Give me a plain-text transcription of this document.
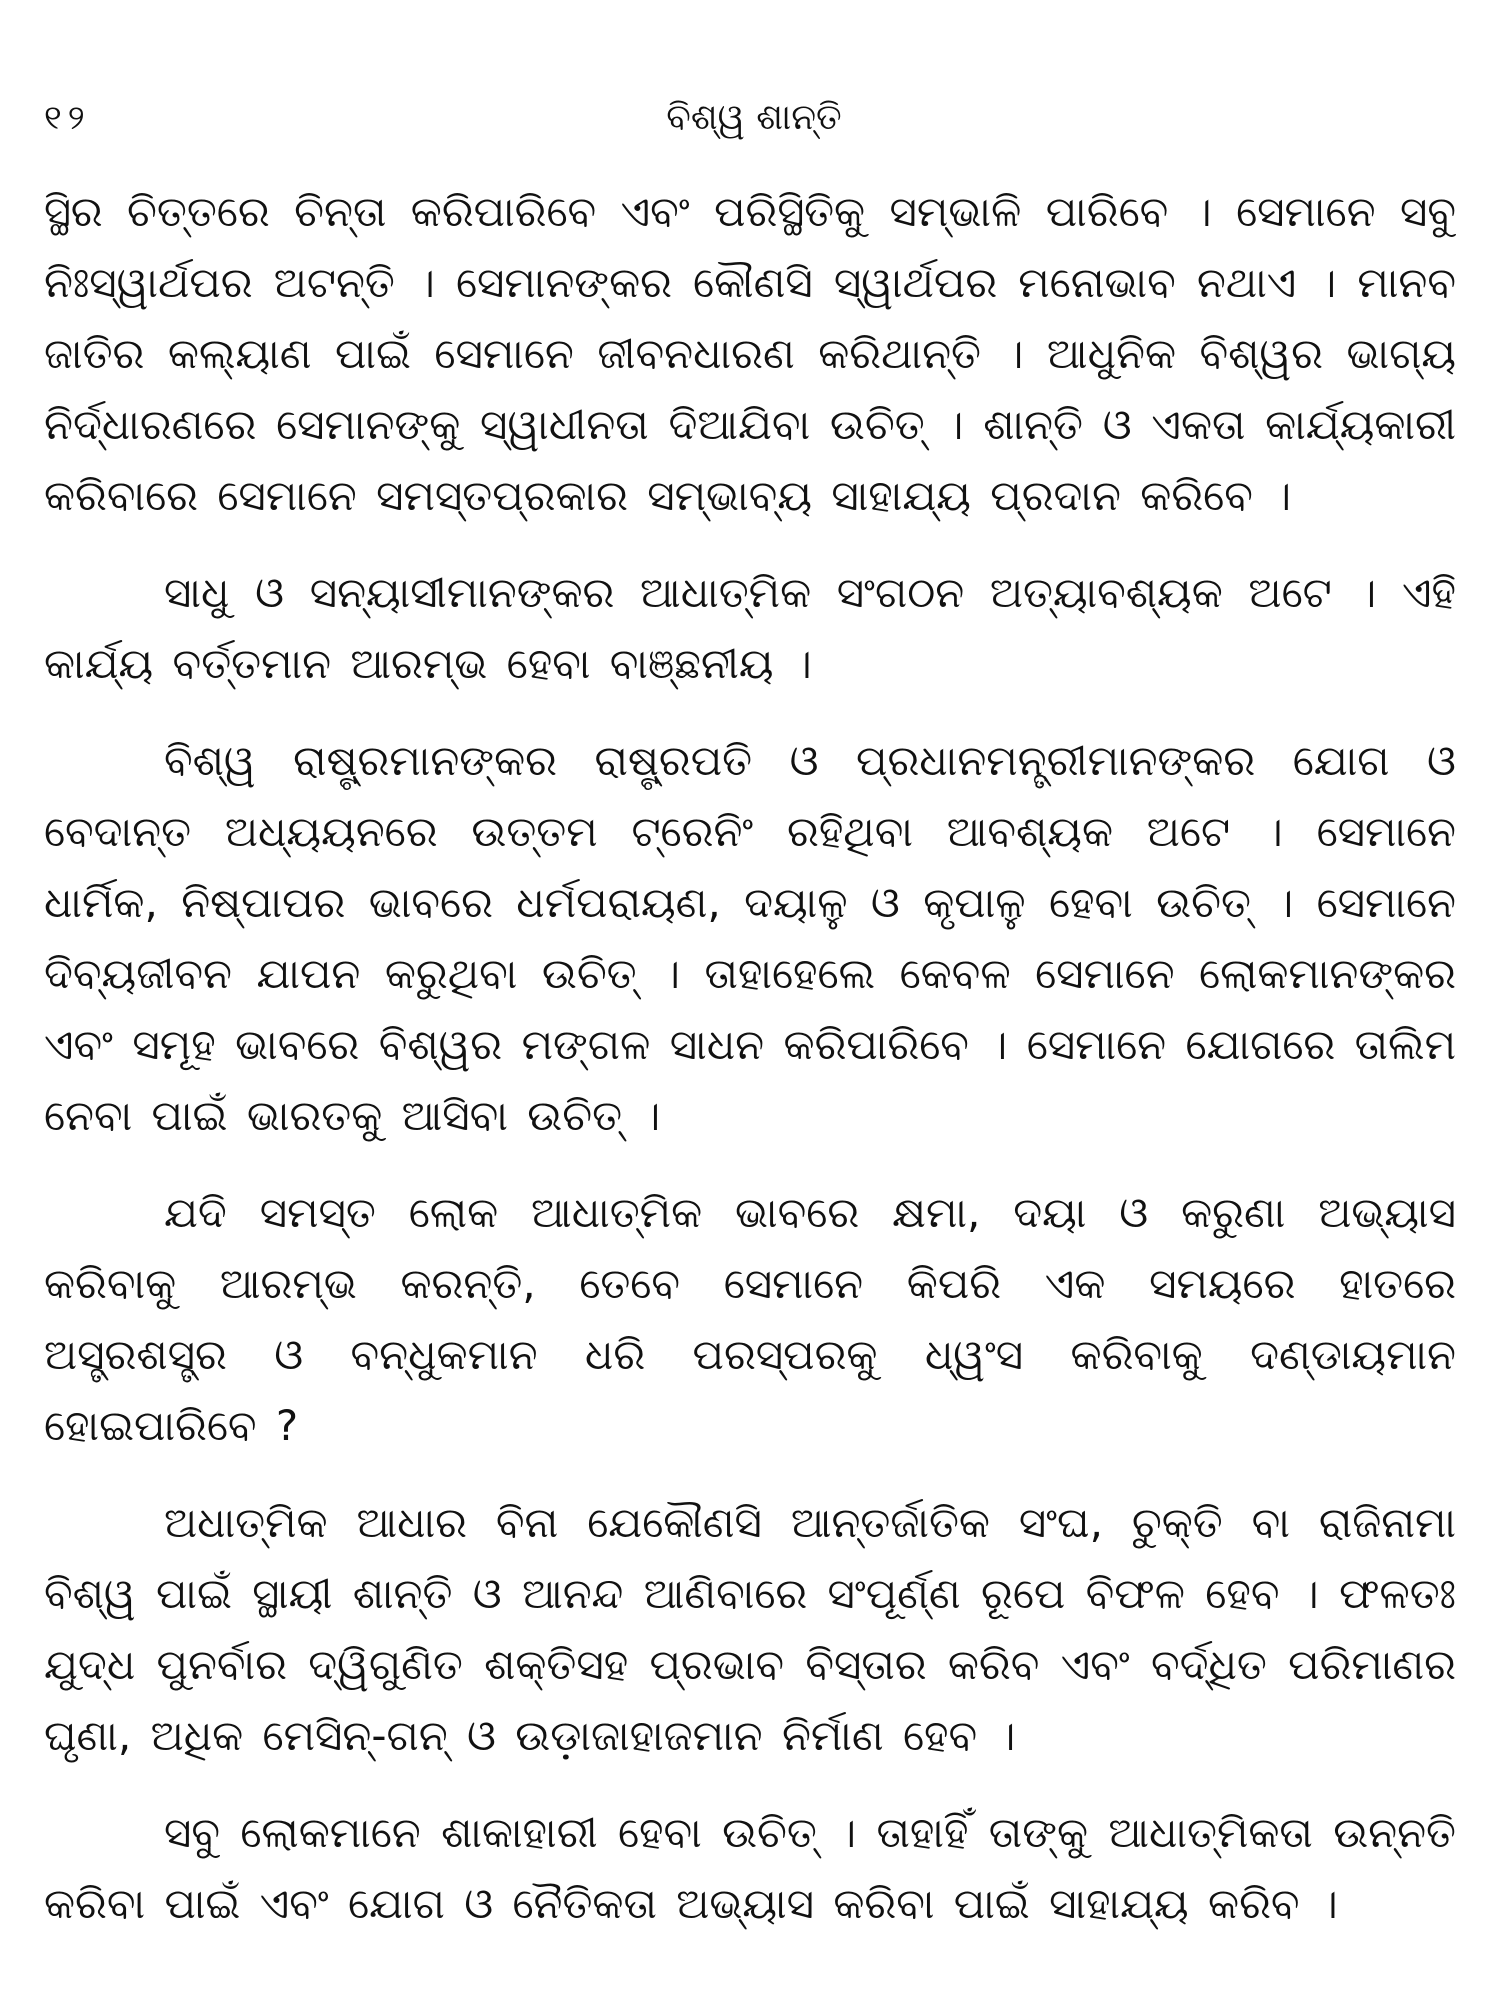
୧୨	ବିଶ୍ୱ ଶାନ୍ତି

ସ୍ଥିର ଚିତ୍ତରେ ଚିନ୍ତା କରିପାରିବେ ଏବଂ ପରିସ୍ଥିତିକୁ ସମ୍ଭାଳି ପାରିବେ । ସେମାନେ ସବୁ ନିଃସ୍ୱାର୍ଥପର ଅଟନ୍ତି । ସେମାନଙ୍କର କୌଣସି ସ୍ୱାର୍ଥପର ମନୋଭାବ ନଥାଏ । ମାନବ ଜାତିର କଲ୍ୟାଣ ପାଇଁ ସେମାନେ ଜୀବନଧାରଣ କରିଥାନ୍ତି । ଆଧୁନିକ ବିଶ୍ୱର ଭାଗ୍ୟ ନିର୍ଦ୍ଧାରଣରେ ସେମାନଙ୍କୁ ସ୍ୱାଧୀନତା ଦିଆଯିବା ଉଚିତ୍ । ଶାନ୍ତି ଓ ଏକତା କାର୍ଯ୍ୟକାରୀ କରିବାରେ ସେମାନେ ସମସ୍ତପ୍ରକାର ସମ୍ଭାବ୍ୟ ସାହାଯ୍ୟ ପ୍ରଦାନ କରିବେ ।

ସାଧୁ ଓ ସନ୍ୟାସୀମାନଙ୍କର ଆଧାତ୍ମିକ ସଂଗଠନ ଅତ୍ୟାବଶ୍ୟକ ଅଟେ । ଏହି କାର୍ଯ୍ୟ ବର୍ତ୍ତମାନ ଆରମ୍ଭ ହେବା ବାଞ୍ଛନୀୟ ।

ବିଶ୍ୱ ରାଷ୍ଟ୍ରମାନଙ୍କର ରାଷ୍ଟ୍ରପତି ଓ ପ୍ରଧାନମନ୍ତ୍ରୀମାନଙ୍କର ଯୋଗ ଓ ବେଦାନ୍ତ ଅଧ୍ୟୟନରେ ଉତ୍ତମ ଟ୍ରେନିଂ ରହିଥିବା ଆବଶ୍ୟକ ଅଟେ । ସେମାନେ ଧାର୍ମିକ, ନିଷ୍ପାପର ଭାବରେ ଧର୍ମପରାୟଣ, ଦୟାଳୁ ଓ କୃପାଳୁ ହେବା ଉଚିତ୍ । ସେମାନେ ଦିବ୍ୟଜୀବନ ଯାପନ କରୁଥିବା ଉଚିତ୍ । ତାହାହେଲେ କେବଳ ସେମାନେ ଲୋକମାନଙ୍କର ଏବଂ ସମୂହ ଭାବରେ ବିଶ୍ୱର ମଙ୍ଗଳ ସାଧନ କରିପାରିବେ । ସେମାନେ ଯୋଗରେ ତାଲିମ ନେବା ପାଇଁ ଭାରତକୁ ଆସିବା ଉଚିତ୍ ।

ଯଦି ସମସ୍ତ ଲୋକ ଆଧାତ୍ମିକ ଭାବରେ କ୍ଷମା, ଦୟା ଓ କରୁଣା ଅଭ୍ୟାସ କରିବାକୁ ଆରମ୍ଭ କରନ୍ତି, ତେବେ ସେମାନେ କିପରି ଏକ ସମୟରେ ହାତରେ ଅସ୍ତ୍ରଶସ୍ତ୍ର ଓ ବନ୍ଧୁକମାନ ଧରି ପରସ୍ପରକୁ ଧ୍ୱଂସ କରିବାକୁ ଦଣ୍ଡାୟମାନ ହୋଇପାରିବେ ?

ଅଧାତ୍ମିକ ଆଧାର ବିନା ଯେକୌଣସି ଆନ୍ତର୍ଜାତିକ ସଂଘ, ଚୁକ୍ତି ବା ରାଜିନାମା ବିଶ୍ୱ ପାଇଁ ସ୍ଥାୟୀ ଶାନ୍ତି ଓ ଆନନ୍ଦ ଆଣିବାରେ ସଂପୂର୍ଣ୍ଣ ରୂପେ ବିଫଳ ହେବ । ଫଳତଃ ଯୁଦ୍ଧ ପୁନର୍ବାର ଦ୍ୱିଗୁଣିତ ଶକ୍ତିସହ ପ୍ରଭାବ ବିସ୍ତାର କରିବ ଏବଂ ବର୍ଦ୍ଧିତ ପରିମାଣର ଘୃଣା, ଅଧିକ ମେସିନ୍-ଗନ୍ ଓ ଉଡ଼ାଜାହାଜମାନ ନିର୍ମାଣ ହେବ ।

ସବୁ ଲୋକମାନେ ଶାକାହାରୀ ହେବା ଉଚିତ୍ । ତାହାହିଁ ତାଙ୍କୁ ଆଧାତ୍ମିକତା ଉନ୍ନତି କରିବା ପାଇଁ ଏବଂ ଯୋଗ ଓ ନୈତିକତା ଅଭ୍ୟାସ କରିବା ପାଇଁ ସାହାଯ୍ୟ କରିବ ।
